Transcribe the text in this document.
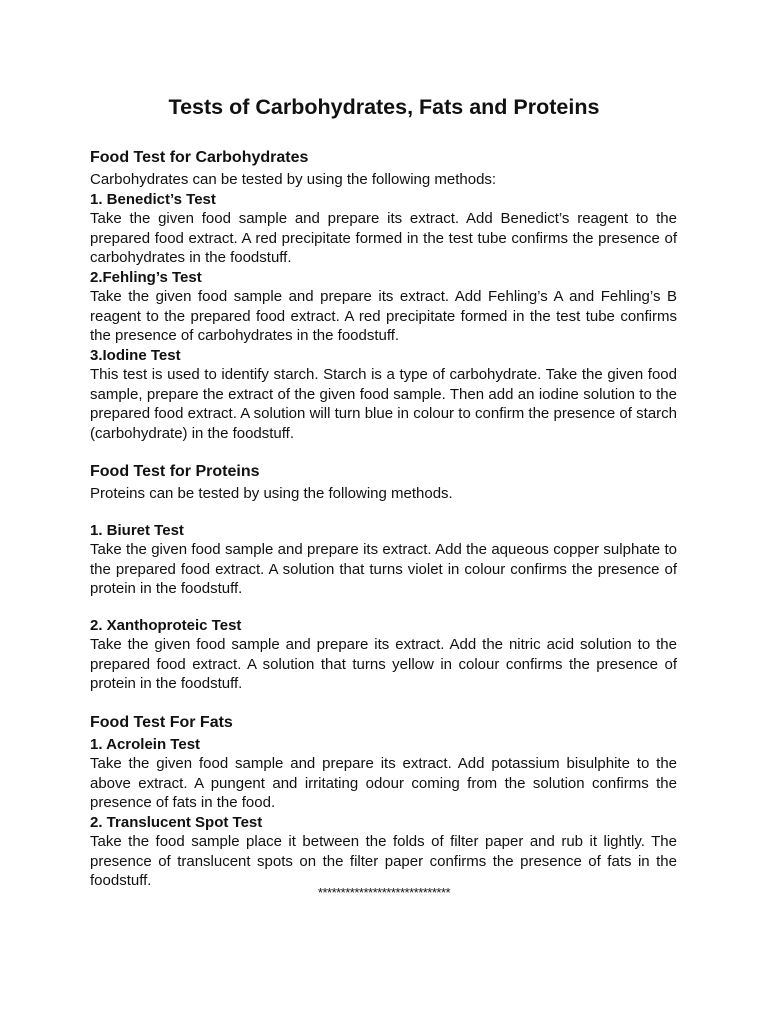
Tests of Carbohydrates, Fats and Proteins
Food Test for Carbohydrates

Carbohydrates can be tested by using the following methods:

1. Benedict’s Test

Take the given food sample and prepare its extract. Add Benedict’s reagent to the prepared food extract. A red precipitate formed in the test tube confirms the presence of carbohydrates in the foodstuff.

2.Fehling’s Test

Take the given food sample and prepare its extract. Add Fehling’s A and Fehling’s B reagent to the prepared food extract. A red precipitate formed in the test tube confirms the presence of carbohydrates in the foodstuff.

3.Iodine Test

This test is used to identify starch. Starch is a type of carbohydrate. Take the given food sample, prepare the extract of the given food sample. Then add an iodine solution to the prepared food extract. A solution will turn blue in colour to confirm the presence of starch (carbohydrate) in the foodstuff.

Food Test for Proteins

Proteins can be tested by using the following methods.

1. Biuret Test

Take the given food sample and prepare its extract. Add the aqueous copper sulphate to the prepared food extract. A solution that turns violet in colour confirms the presence of protein in the foodstuff.

2. Xanthoproteic Test

Take the given food sample and prepare its extract. Add the nitric acid solution to the prepared food extract. A solution that turns yellow in colour confirms the presence of protein in the foodstuff.

Food Test For Fats
1. Acrolein Test

Take the given food sample and prepare its extract. Add potassium bisulphite to the above extract. A pungent and irritating odour coming from the solution confirms the presence of fats in the food.

2. Translucent Spot Test

Take the food sample place it between the folds of filter paper and rub it lightly. The presence of translucent spots on the filter paper confirms the presence of fats in the foodstuff.

*****************************
